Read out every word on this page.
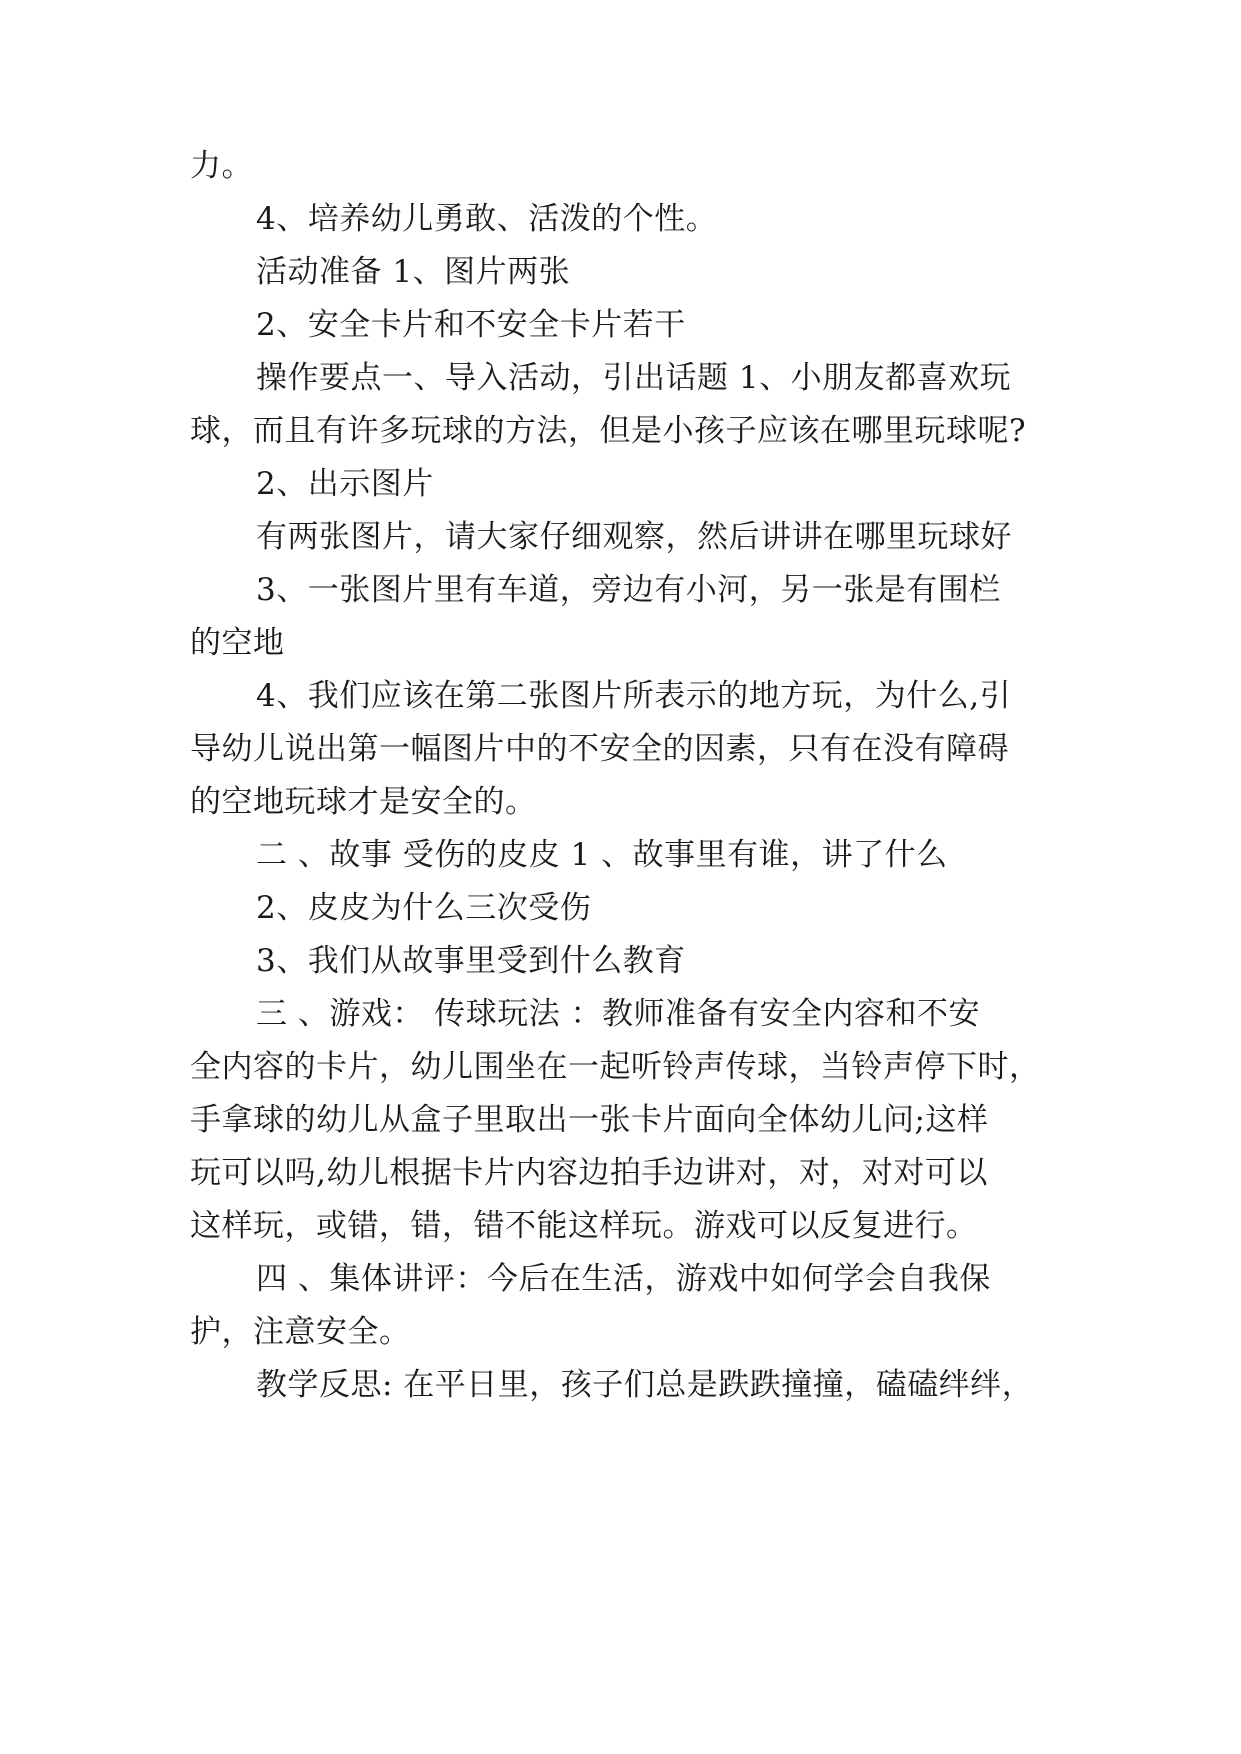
力。
4、培养幼儿勇敢、活泼的个性。
活动准备 1、图片两张
2、安全卡片和不安全卡片若干
操作要点一、导入活动，引出话题 1、小朋友都喜欢玩
球，而且有许多玩球的方法，但是小孩子应该在哪里玩球呢?
2、出示图片
有两张图片，请大家仔细观察，然后讲讲在哪里玩球好
3、一张图片里有车道，旁边有小河，另一张是有围栏
的空地
4、我们应该在第二张图片所表示的地方玩，为什么,引
导幼儿说出第一幅图片中的不安全的因素，只有在没有障碍
的空地玩球才是安全的。
二 、故事 受伤的皮皮 1 、故事里有谁，讲了什么
2、皮皮为什么三次受伤
3、我们从故事里受到什么教育
三 、游戏： 传球玩法 ：教师准备有安全内容和不安
全内容的卡片，幼儿围坐在一起听铃声传球，当铃声停下时，
手拿球的幼儿从盒子里取出一张卡片面向全体幼儿问;这样
玩可以吗,幼儿根据卡片内容边拍手边讲对，对，对对可以
这样玩，或错，错，错不能这样玩。游戏可以反复进行。
四 、集体讲评：今后在生活，游戏中如何学会自我保
护，注意安全。
教学反思: 在平日里，孩子们总是跌跌撞撞，磕磕绊绊，
